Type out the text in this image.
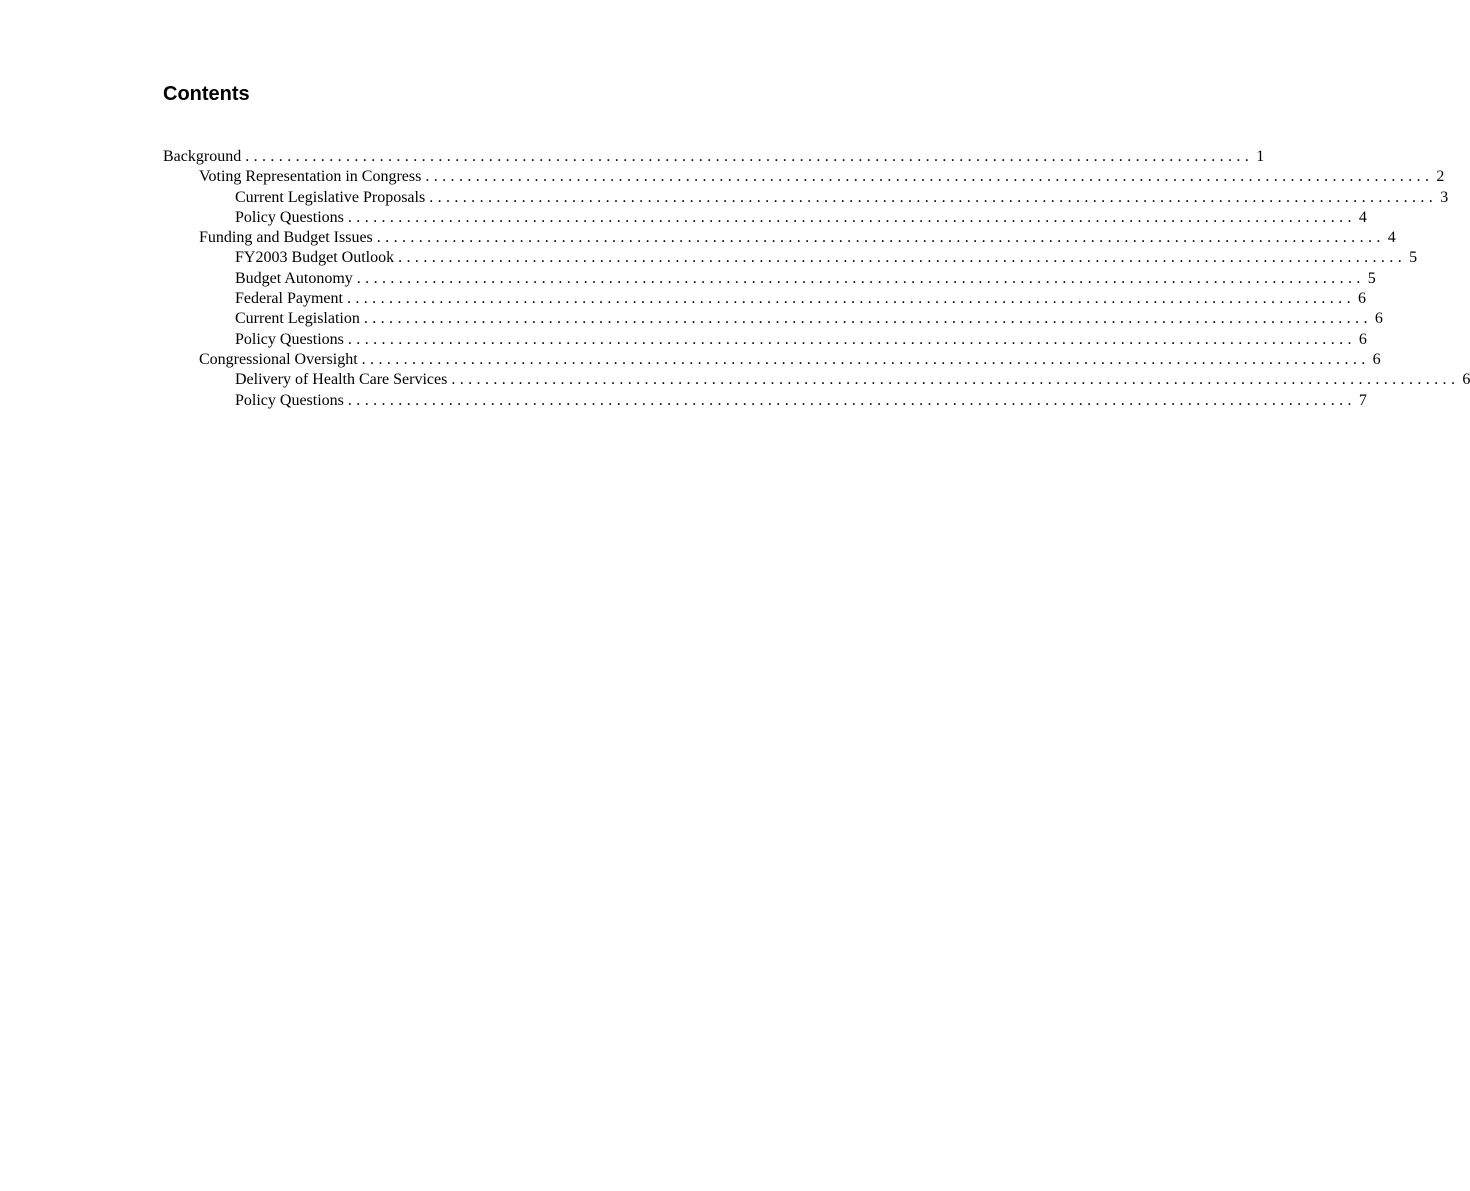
Contents
Background ........................................................................................................................ 1
Voting Representation in Congress ........................................................................................................................ 2
Current Legislative Proposals ........................................................................................................................ 3
Policy Questions ........................................................................................................................ 4
Funding and Budget Issues ........................................................................................................................ 4
FY2003 Budget Outlook ........................................................................................................................ 5
Budget Autonomy ........................................................................................................................ 5
Federal Payment ........................................................................................................................ 6
Current Legislation ........................................................................................................................ 6
Policy Questions ........................................................................................................................ 6
Congressional Oversight ........................................................................................................................ 6
Delivery of Health Care Services ........................................................................................................................ 6
Policy Questions ........................................................................................................................ 7
